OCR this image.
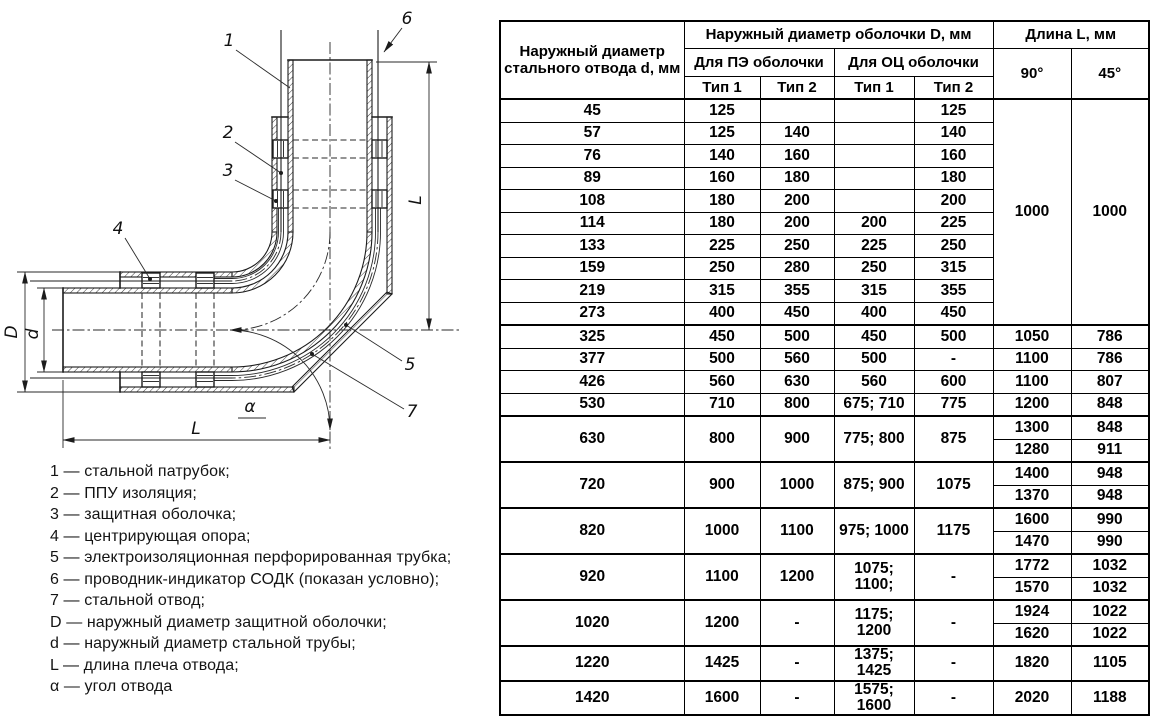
L
L
D d
α
1
2
3
4
5
6
7
1 — стальной патрубок;
2 — ППУ изоляция;
3 — защитная оболочка;
4 — центрирующая опора;
5 — электроизоляционная перфорированная трубка;
6 — проводник-индикатор СОДК (показан условно);
7 — стальной отвод;
D — наружный диаметр защитной оболочки;
d — наружный диаметр стальной трубы;
L — длина плеча отвода;
α — угол отвода
Наружный диаметр стального отвода d, мм	Наружный диаметр оболочки D, мм				Длина L, мм	
	Для ПЭ оболочки		Для ОЦ оболочки		90°	45°
	Тип 1	Тип 2	Тип 1	Тип 2		
45	125			125	1000	1000
57	125	140		140		
76	140	160		160		
89	160	180		180		
108	180	200		200		
114	180	200	200	225		
133	225	250	225	250		
159	250	280	250	315		
219	315	355	315	355		
273	400	450	400	450		
325	450	500	450	500	1050	786
377	500	560	500	-	1100	786
426	560	630	560	600	1100	807
530	710	800	675; 710	775	1200	848
630	800	900	775; 800	875	1300	848
					1280	911
720	900	1000	875; 900	1075	1400	948
					1370	948
820	1000	1100	975; 1000	1175	1600	990
					1470	990
920	1100	1200	1075; 1100;	-	1772	1032
					1570	1032
1020	1200	-	1175; 1200	-	1924	1022
					1620	1022
1220	1425	-	1375; 1425	-	1820	1105
1420	1600	-	1575; 1600	-	2020	1188
